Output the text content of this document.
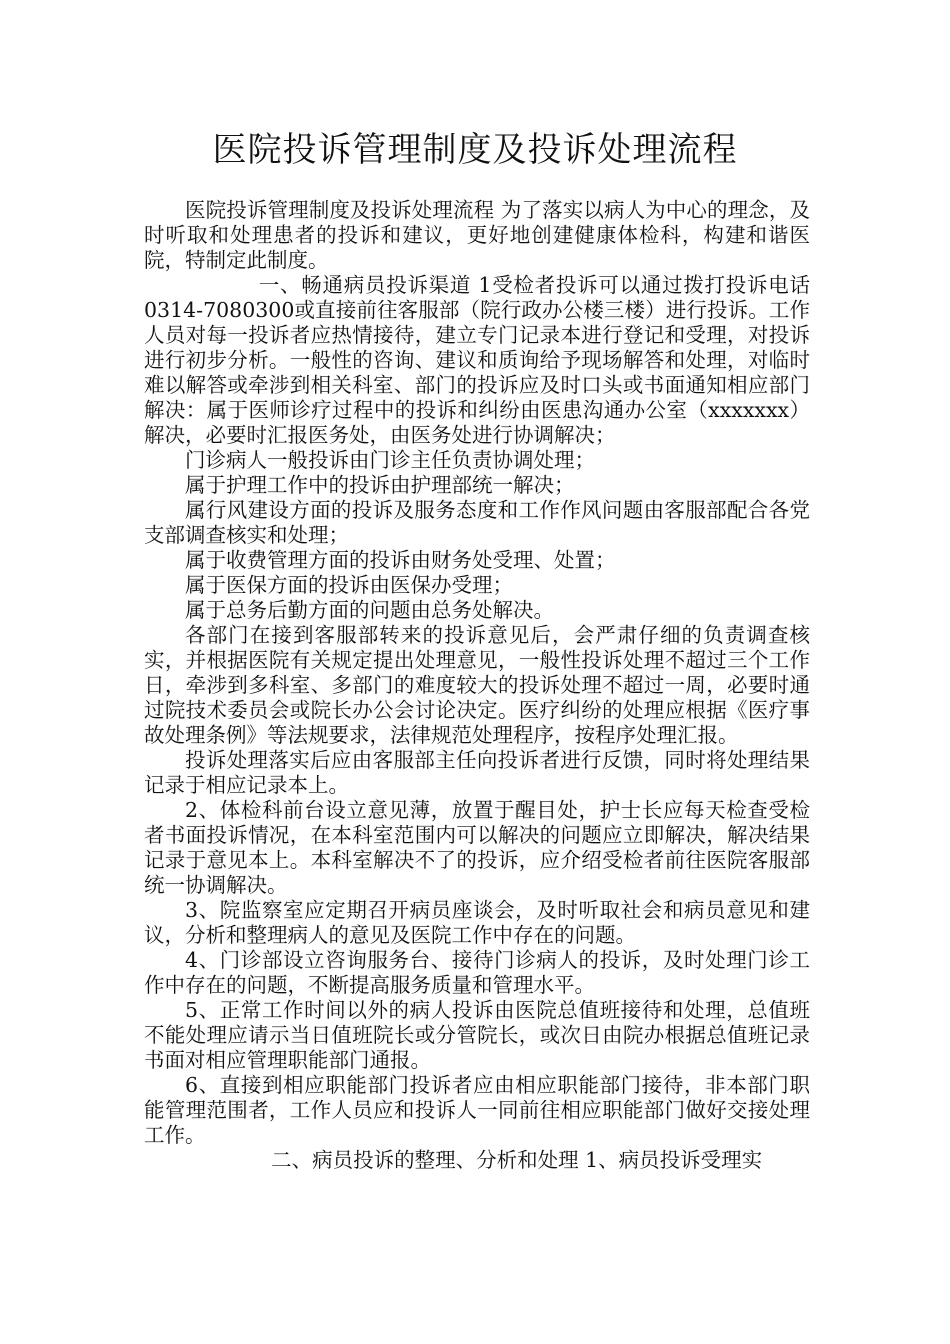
医院投诉管理制度及投诉处理流程

医院投诉管理制度及投诉处理流程 为了落实以病人为中心的理念，及时听取和处理患者的投诉和建议，更好地创建健康体检科，构建和谐医院，特制定此制度。

一、畅通病员投诉渠道 1受检者投诉可以通过拨打投诉电话0314-7080300或直接前往客服部（院行政办公楼三楼）进行投诉。工作人员对每一投诉者应热情接待，建立专门记录本进行登记和受理，对投诉进行初步分析。一般性的咨询、建议和质询给予现场解答和处理，对临时难以解答或牵涉到相关科室、部门的投诉应及时口头或书面通知相应部门解决：属于医师诊疗过程中的投诉和纠纷由医患沟通办公室（xxxxxxx）解决，必要时汇报医务处，由医务处进行协调解决；

门诊病人一般投诉由门诊主任负责协调处理；

属于护理工作中的投诉由护理部统一解决；

属行风建设方面的投诉及服务态度和工作作风问题由客服部配合各党支部调查核实和处理；

属于收费管理方面的投诉由财务处受理、处置；

属于医保方面的投诉由医保办受理；

属于总务后勤方面的问题由总务处解决。

各部门在接到客服部转来的投诉意见后，会严肃仔细的负责调查核实，并根据医院有关规定提出处理意见，一般性投诉处理不超过三个工作日，牵涉到多科室、多部门的难度较大的投诉处理不超过一周，必要时通过院技术委员会或院长办公会讨论决定。医疗纠纷的处理应根据《医疗事故处理条例》等法规要求，法律规范处理程序，按程序处理汇报。

投诉处理落实后应由客服部主任向投诉者进行反馈，同时将处理结果记录于相应记录本上。

2、体检科前台设立意见薄，放置于醒目处，护士长应每天检查受检者书面投诉情况，在本科室范围内可以解决的问题应立即解决，解决结果记录于意见本上。本科室解决不了的投诉，应介绍受检者前往医院客服部统一协调解决。

3、院监察室应定期召开病员座谈会，及时听取社会和病员意见和建议，分析和整理病人的意见及医院工作中存在的问题。

4、门诊部设立咨询服务台、接待门诊病人的投诉，及时处理门诊工作中存在的问题，不断提高服务质量和管理水平。

5、正常工作时间以外的病人投诉由医院总值班接待和处理，总值班不能处理应请示当日值班院长或分管院长，或次日由院办根据总值班记录书面对相应管理职能部门通报。

6、直接到相应职能部门投诉者应由相应职能部门接待，非本部门职能管理范围者，工作人员应和投诉人一同前往相应职能部门做好交接处理工作。

二、病员投诉的整理、分析和处理 1、病员投诉受理实
